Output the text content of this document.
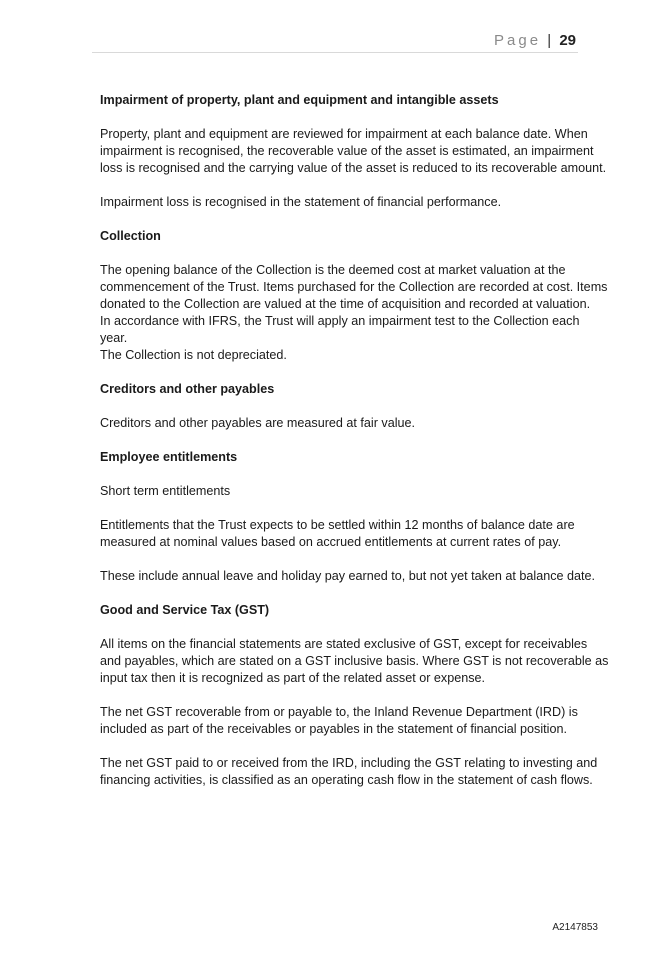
Page | 29
Impairment of property, plant and equipment and intangible assets
Property, plant and equipment are reviewed for impairment at each balance date. When impairment is recognised, the recoverable value of the asset is estimated, an impairment loss is recognised and the carrying value of the asset is reduced to its recoverable amount.
Impairment loss is recognised in the statement of financial performance.
Collection
The opening balance of the Collection is the deemed cost at market valuation at the commencement of the Trust. Items purchased for the Collection are recorded at cost. Items donated to the Collection are valued at the time of acquisition and recorded at valuation.
In accordance with IFRS, the Trust will apply an impairment test to the Collection each year.
The Collection is not depreciated.
Creditors and other payables
Creditors and other payables are measured at fair value.
Employee entitlements
Short term entitlements
Entitlements that the Trust expects to be settled within 12 months of balance date are measured at nominal values based on accrued entitlements at current rates of pay.
These include annual leave and holiday pay earned to, but not yet taken at balance date.
Good and Service Tax (GST)
All items on the financial statements are stated exclusive of GST, except for receivables and payables, which are stated on a GST inclusive basis. Where GST is not recoverable as input tax then it is recognized as part of the related asset or expense.
The net GST recoverable from or payable to, the Inland Revenue Department (IRD) is included as part of the receivables or payables in the statement of financial position.
The net GST paid to or received from the IRD, including the GST relating to investing and financing activities, is classified as an operating cash flow in the statement of cash flows.
A2147853
